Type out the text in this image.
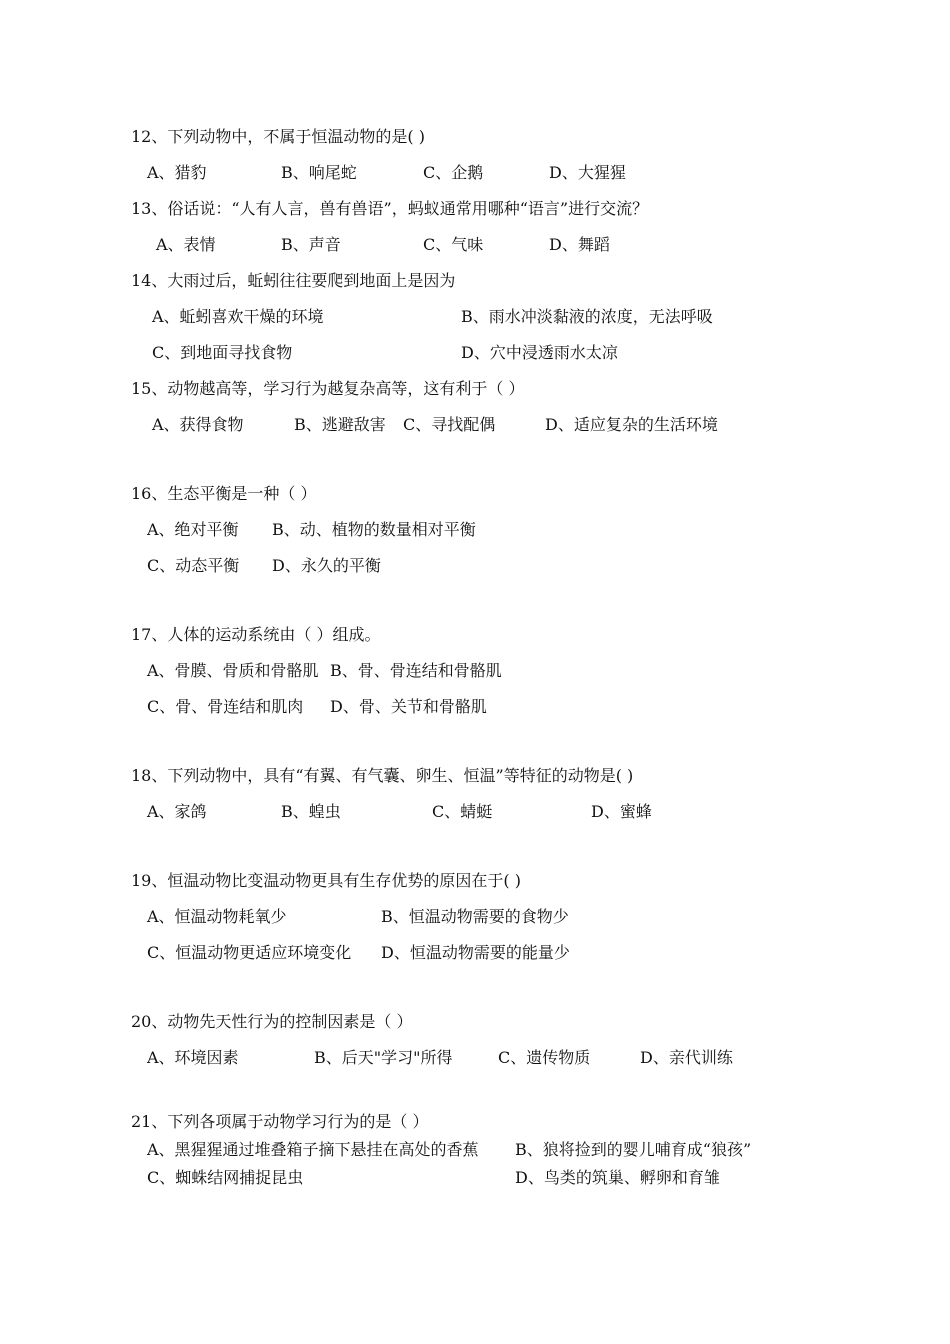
12、下列动物中，不属于恒温动物的是( )
A、猎豹	B、响尾蛇	C、企鹅	D、大猩猩
13、俗话说：“人有人言，兽有兽语”，蚂蚁通常用哪种“语言”进行交流？
A、表情	B、声音	C、气味	D、舞蹈
14、大雨过后，蚯蚓往往要爬到地面上是因为
A、蚯蚓喜欢干燥的环境	B、雨水冲淡黏液的浓度，无法呼吸
C、到地面寻找食物	D、穴中浸透雨水太凉
15、动物越高等，学习行为越复杂高等，这有利于（ ）
A、获得食物	B、逃避敌害 C、寻找配偶	D、适应复杂的生活环境
16、生态平衡是一种（ ）
A、绝对平衡 B、动、植物的数量相对平衡
C、动态平衡 D、永久的平衡
17、人体的运动系统由（ ）组成。
A、骨膜、骨质和骨骼肌 B、骨、骨连结和骨骼肌
C、骨、骨连结和肌肉 D、骨、关节和骨骼肌
18、下列动物中，具有“有翼、有气囊、卵生、恒温”等特征的动物是( )
A、家鸽	B、蝗虫	C、蜻蜓	D、蜜蜂
19、恒温动物比变温动物更具有生存优势的原因在于( )
A、恒温动物耗氧少	B、恒温动物需要的食物少
C、恒温动物更适应环境变化 D、恒温动物需要的能量少
20、动物先天性行为的控制因素是（ ）
A、环境因素	B、后天"学习"所得	C、遗传物质	D、亲代训练
21、下列各项属于动物学习行为的是（ ）
A、黑猩猩通过堆叠箱子摘下悬挂在高处的香蕉 B、狼将捡到的婴儿哺育成“狼孩”
C、蜘蛛结网捕捉昆虫	D、鸟类的筑巢、孵卵和育雏
